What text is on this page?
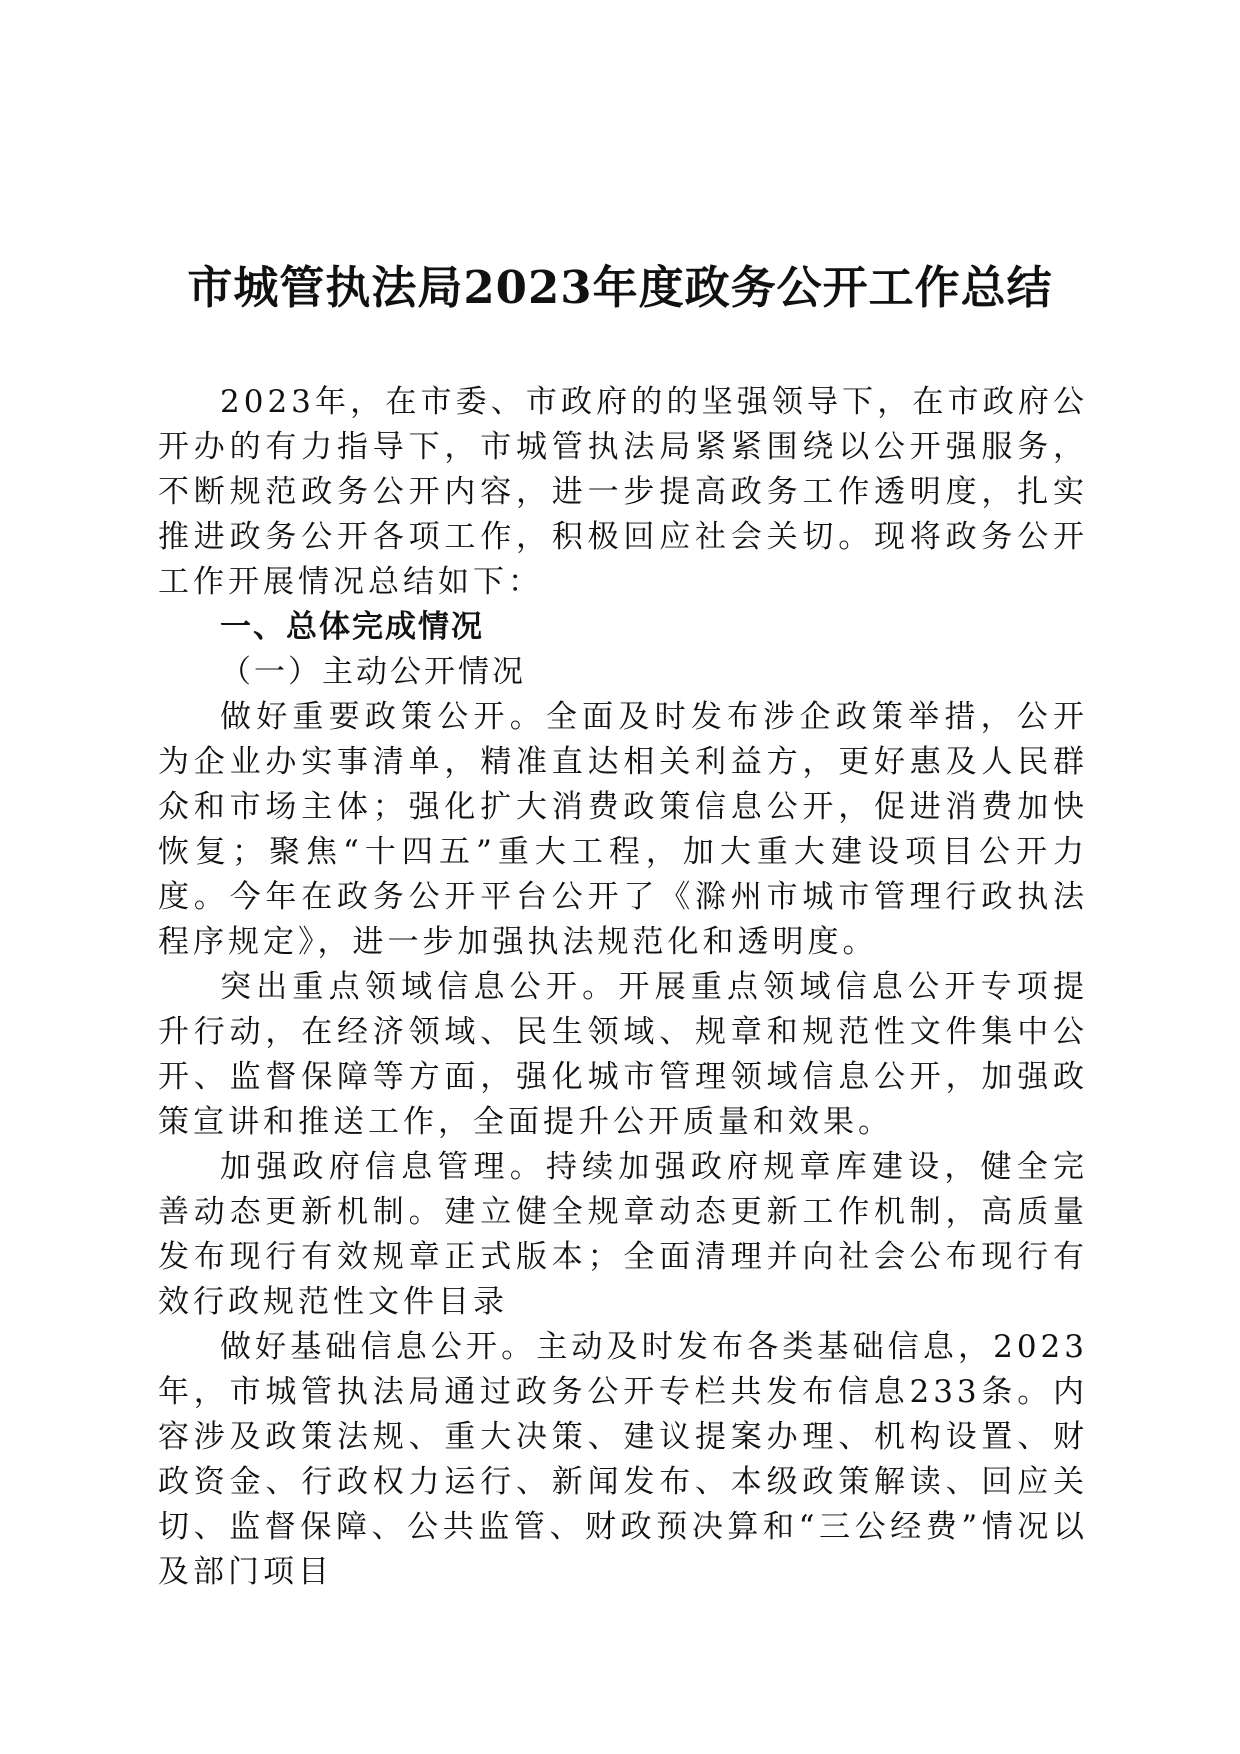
市城管执法局2023年度政务公开工作总结

2023年，在市委、市政府的的坚强领导下，在市政府公开办的有力指导下，市城管执法局紧紧围绕以公开强服务，不断规范政务公开内容，进一步提高政务工作透明度，扎实推进政务公开各项工作，积极回应社会关切。现将政务公开工作开展情况总结如下：

一、总体完成情况

（一）主动公开情况

做好重要政策公开。全面及时发布涉企政策举措，公开为企业办实事清单，精准直达相关利益方，更好惠及人民群众和市场主体；强化扩大消费政策信息公开，促进消费加快恢复；聚焦“十四五”重大工程，加大重大建设项目公开力度。今年在政务公开平台公开了《滁州市城市管理行政执法程序规定》，进一步加强执法规范化和透明度。

突出重点领域信息公开。开展重点领域信息公开专项提升行动，在经济领域、民生领域、规章和规范性文件集中公开、监督保障等方面，强化城市管理领域信息公开，加强政策宣讲和推送工作，全面提升公开质量和效果。

加强政府信息管理。持续加强政府规章库建设，健全完善动态更新机制。建立健全规章动态更新工作机制，高质量发布现行有效规章正式版本；全面清理并向社会公布现行有效行政规范性文件目录

做好基础信息公开。主动及时发布各类基础信息，2023年，市城管执法局通过政务公开专栏共发布信息233条。内容涉及政策法规、重大决策、建议提案办理、机构设置、财政资金、行政权力运行、新闻发布、本级政策解读、回应关切、监督保障、公共监管、财政预决算和“三公经费”情况以及部门项目
